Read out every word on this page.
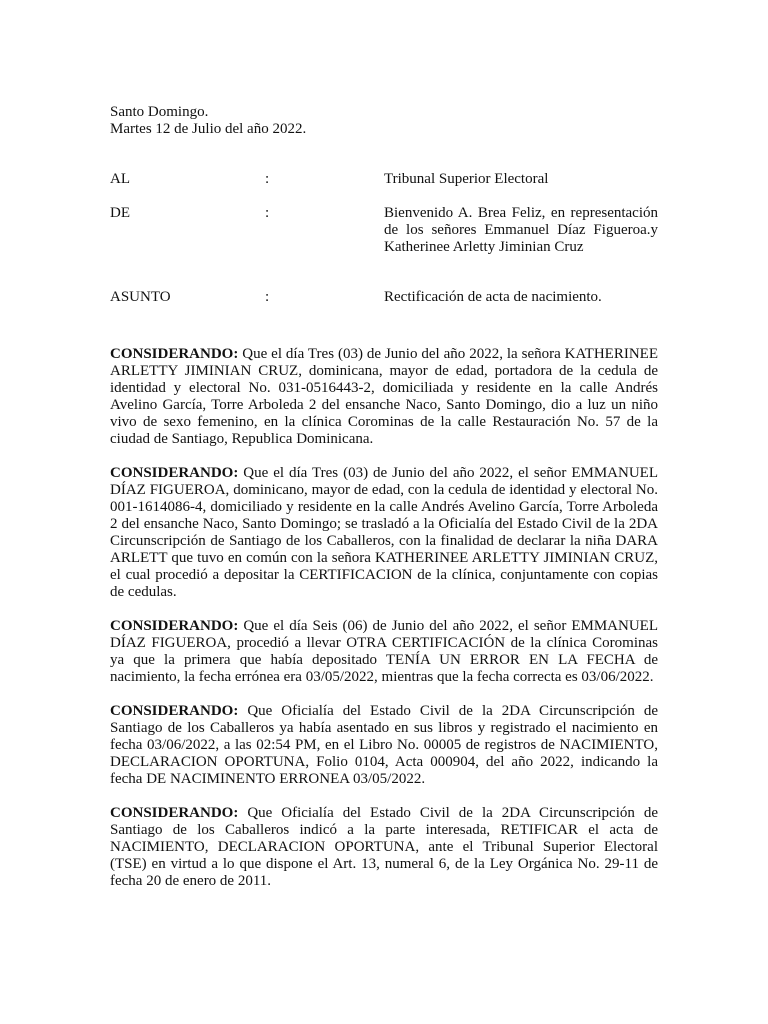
Santo Domingo.
Martes 12 de Julio del año 2022.
AL	:	Tribunal Superior Electoral
DE	:	Bienvenido A. Brea Feliz, en representación de los señores Emmanuel Díaz Figueroa.y Katherinee Arletty Jiminian Cruz
ASUNTO	:	Rectificación de acta de nacimiento.

CONSIDERANDO: Que el día Tres (03) de Junio del año 2022, la señora KATHERINEE ARLETTY JIMINIAN CRUZ, dominicana, mayor de edad, portadora de la cedula de identidad y electoral No. 031-0516443-2, domiciliada y residente en la calle Andrés Avelino García, Torre Arboleda 2 del ensanche Naco, Santo Domingo, dio a luz un niño vivo de sexo femenino, en la clínica Corominas de la calle Restauración No. 57 de la ciudad de Santiago, Republica Dominicana.

CONSIDERANDO: Que el día Tres (03) de Junio del año 2022, el señor EMMANUEL DÍAZ FIGUEROA, dominicano, mayor de edad, con la cedula de identidad y electoral No. 001-1614086-4, domiciliado y residente en la calle Andrés Avelino García, Torre Arboleda 2 del ensanche Naco, Santo Domingo; se trasladó a la Oficialía del Estado Civil de la 2DA Circunscripción de Santiago de los Caballeros, con la finalidad de declarar la niña DARA ARLETT que tuvo en común con la señora KATHERINEE ARLETTY JIMINIAN CRUZ, el cual procedió a depositar la CERTIFICACION de la clínica, conjuntamente con copias de cedulas.

CONSIDERANDO: Que el día Seis (06) de Junio del año 2022, el señor EMMANUEL DÍAZ FIGUEROA, procedió a llevar OTRA CERTIFICACIÓN de la clínica Corominas ya que la primera que había depositado TENÍA UN ERROR EN LA FECHA de nacimiento, la fecha errónea era 03/05/2022, mientras que la fecha correcta es 03/06/2022.

CONSIDERANDO: Que Oficialía del Estado Civil de la 2DA Circunscripción de Santiago de los Caballeros ya había asentado en sus libros y registrado el nacimiento en fecha 03/06/2022, a las 02:54 PM, en el Libro No. 00005 de registros de NACIMIENTO, DECLARACION OPORTUNA, Folio 0104, Acta 000904, del año 2022, indicando la fecha DE NACIMINENTO ERRONEA 03/05/2022.

CONSIDERANDO: Que Oficialía del Estado Civil de la 2DA Circunscripción de Santiago de los Caballeros indicó a la parte interesada, RETIFICAR el acta de NACIMIENTO, DECLARACION OPORTUNA, ante el Tribunal Superior Electoral (TSE) en virtud a lo que dispone el Art. 13, numeral 6, de la Ley Orgánica No. 29-11 de fecha 20 de enero de 2011.
